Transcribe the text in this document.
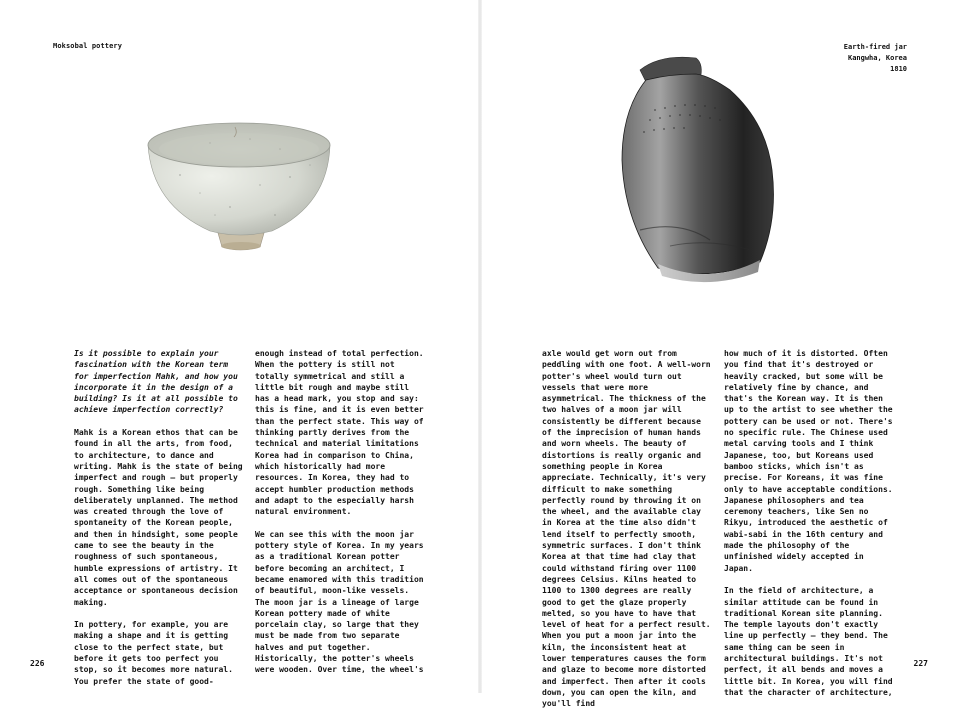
Moksobal pottery

Is it possible to explain your fascination with the Korean term for imperfection Mahk, and how you incorporate it in the design of a building? Is it at all possible to achieve imperfection correctly?

Mahk is a Korean ethos that can be found in all the arts, from food, to architecture, to dance and writing. Mahk is the state of being imperfect and rough – but properly rough. Something like being deliberately unplanned. The method was created through the love of spontaneity of the Korean people, and then in hindsight, some people came to see the beauty in the roughness of such spontaneous, humble expressions of artistry. It all comes out of the spontaneous acceptance or spontaneous decision making.

In pottery, for example, you are making a shape and it is getting close to the perfect state, but before it gets too perfect you stop, so it becomes more natural. You prefer the state of good-

enough instead of total perfection. When the pottery is still not totally symmetrical and still a little bit rough and maybe still has a head mark, you stop and say: this is fine, and it is even better than the perfect state. This way of thinking partly derives from the technical and material limitations Korea had in comparison to China, which historically had more resources. In Korea, they had to accept humbler production methods and adapt to the especially harsh natural environment.

We can see this with the moon jar pottery style of Korea. In my years as a traditional Korean potter before becoming an architect, I became enamored with this tradition of beautiful, moon-like vessels. The moon jar is a lineage of large Korean pottery made of white porcelain clay, so large that they must be made from two separate halves and put together. Historically, the potter's wheels were wooden. Over time, the wheel's

226
Earth-fired jar
Kangwha, Korea
1810

axle would get worn out from peddling with one foot. A well-worn potter's wheel would turn out vessels that were more asymmetrical. The thickness of the two halves of a moon jar will consistently be different because of the imprecision of human hands and worn wheels. The beauty of distortions is really organic and something people in Korea appreciate. Technically, it's very difficult to make something perfectly round by throwing it on the wheel, and the available clay in Korea at the time also didn't lend itself to perfectly smooth, symmetric surfaces. I don't think Korea at that time had clay that could withstand firing over 1100 degrees Celsius. Kilns heated to 1100 to 1300 degrees are really good to get the glaze properly melted, so you have to have that level of heat for a perfect result. When you put a moon jar into the kiln, the inconsistent heat at lower temperatures causes the form and glaze to become more distorted and imperfect. Then after it cools down, you can open the kiln, and you'll find

how much of it is distorted. Often you find that it's destroyed or heavily cracked, but some will be relatively fine by chance, and that's the Korean way. It is then up to the artist to see whether the pottery can be used or not. There's no specific rule. The Chinese used metal carving tools and I think Japanese, too, but Koreans used bamboo sticks, which isn't as precise. For Koreans, it was fine only to have acceptable conditions. Japanese philosophers and tea ceremony teachers, like Sen no Rikyu, introduced the aesthetic of wabi-sabi in the 16th century and made the philosophy of the unfinished widely accepted in Japan.

In the field of architecture, a similar attitude can be found in traditional Korean site planning. The temple layouts don't exactly line up perfectly – they bend. The same thing can be seen in architectural buildings. It's not perfect, it all bends and moves a little bit. In Korea, you will find that the character of architecture,

227
